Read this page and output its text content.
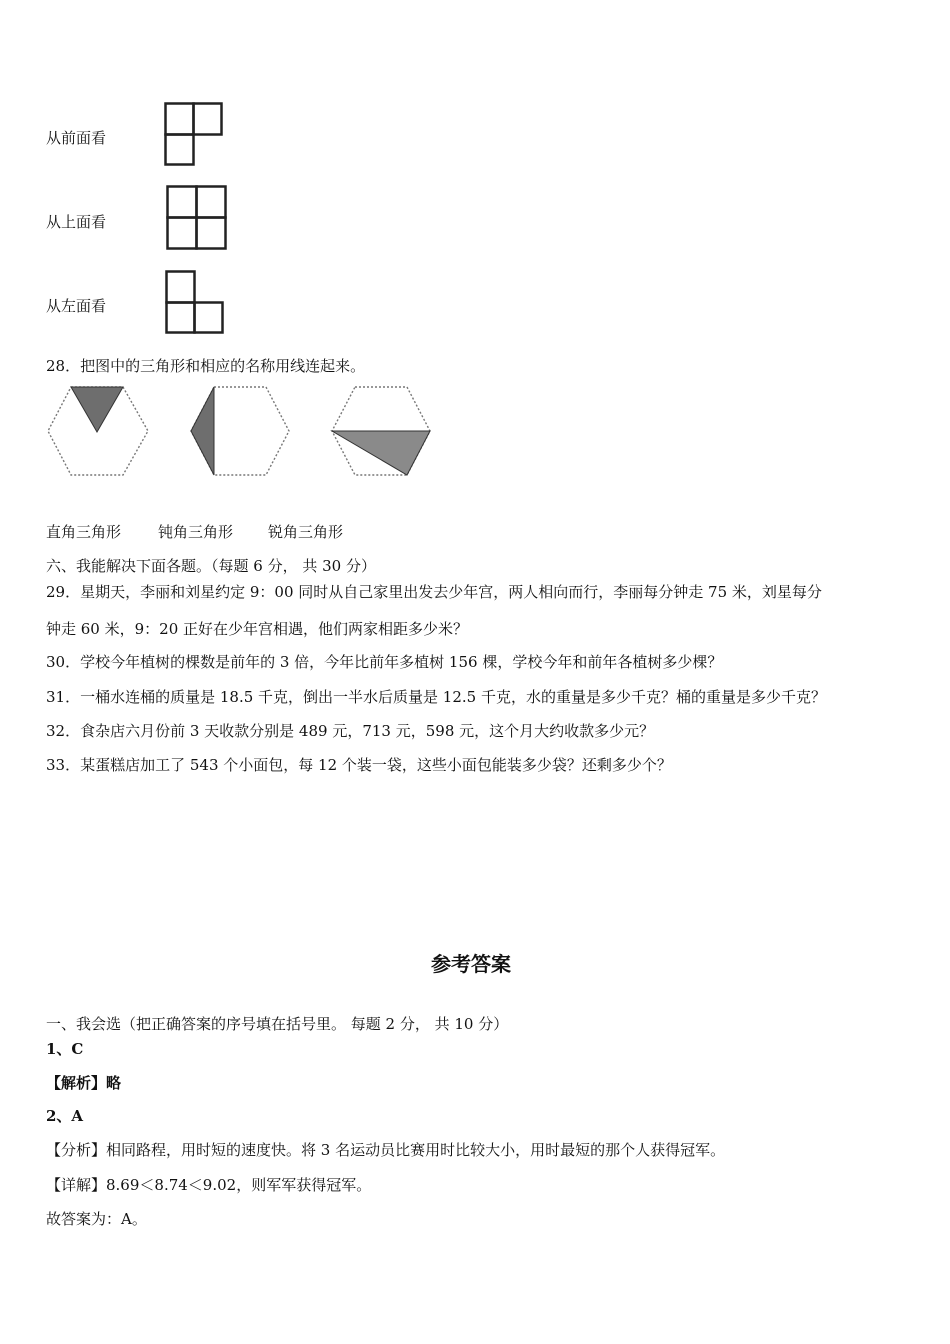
从前面看
从上面看
从左面看
28．把图中的三角形和相应的名称用线连起来。
直角三角形 钝角三角形 锐角三角形
六、我能解决下面各题。（每题 6 分， 共 30 分）
29．星期天，李丽和刘星约定 9：00 同时从自己家里出发去少年宫，两人相向而行，李丽每分钟走 75 米，刘星每分
钟走 60 米，9：20 正好在少年宫相遇，他们两家相距多少米？
30．学校今年植树的棵数是前年的 3 倍，今年比前年多植树 156 棵，学校今年和前年各植树多少棵？
31．一桶水连桶的质量是 18.5 千克，倒出一半水后质量是 12.5 千克，水的重量是多少千克？桶的重量是多少千克？
32．食杂店六月份前 3 天收款分别是 489 元，713 元，598 元，这个月大约收款多少元？
33．某蛋糕店加工了 543 个小面包，每 12 个装一袋，这些小面包能装多少袋？还剩多少个？
参考答案
一、我会选（把正确答案的序号填在括号里。 每题 2 分， 共 10 分）
1、C
【解析】略
2、A
【分析】相同路程，用时短的速度快。将 3 名运动员比赛用时比较大小，用时最短的那个人获得冠军。
【详解】8.69＜8.74＜9.02，则军军获得冠军。
故答案为：A。
